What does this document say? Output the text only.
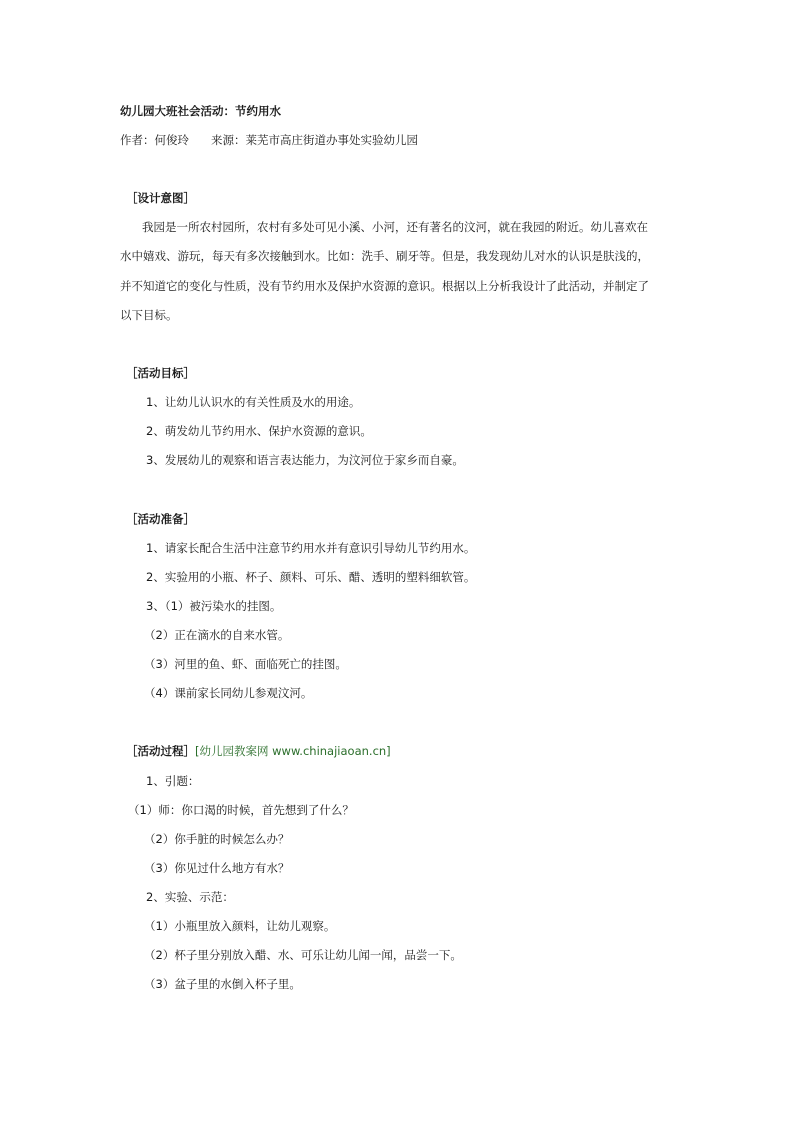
幼儿园大班社会活动：节约用水
作者：何俊玲 来源：莱芜市高庄街道办事处实验幼儿园
［设计意图］
我园是一所农村园所，农村有多处可见小溪、小河，还有著名的汶河，就在我园的附近。幼儿喜欢在
水中嬉戏、游玩，每天有多次接触到水。比如：洗手、刷牙等。但是，我发现幼儿对水的认识是肤浅的，
并不知道它的变化与性质，没有节约用水及保护水资源的意识。根据以上分析我设计了此活动，并制定了
以下目标。
［活动目标］
1、让幼儿认识水的有关性质及水的用途。
2、萌发幼儿节约用水、保护水资源的意识。
3、发展幼儿的观察和语言表达能力，为汶河位于家乡而自豪。
［活动准备］
1、请家长配合生活中注意节约用水并有意识引导幼儿节约用水。
2、实验用的小瓶、杯子、颜料、可乐、醋、透明的塑料细软管。
3、（1）被污染水的挂图。
（2）正在滴水的自来水管。
（3）河里的鱼、虾、面临死亡的挂图。
（4）课前家长同幼儿参观汶河。
［活动过程］[幼儿园教案网 www.chinajiaoan.cn]
1、引题：
（1）师：你口渴的时候，首先想到了什么？
（2）你手脏的时候怎么办？
（3）你见过什么地方有水？
2、实验、示范：
（1）小瓶里放入颜料，让幼儿观察。
（2）杯子里分别放入醋、水、可乐让幼儿闻一闻，品尝一下。
（3）盆子里的水倒入杯子里。
